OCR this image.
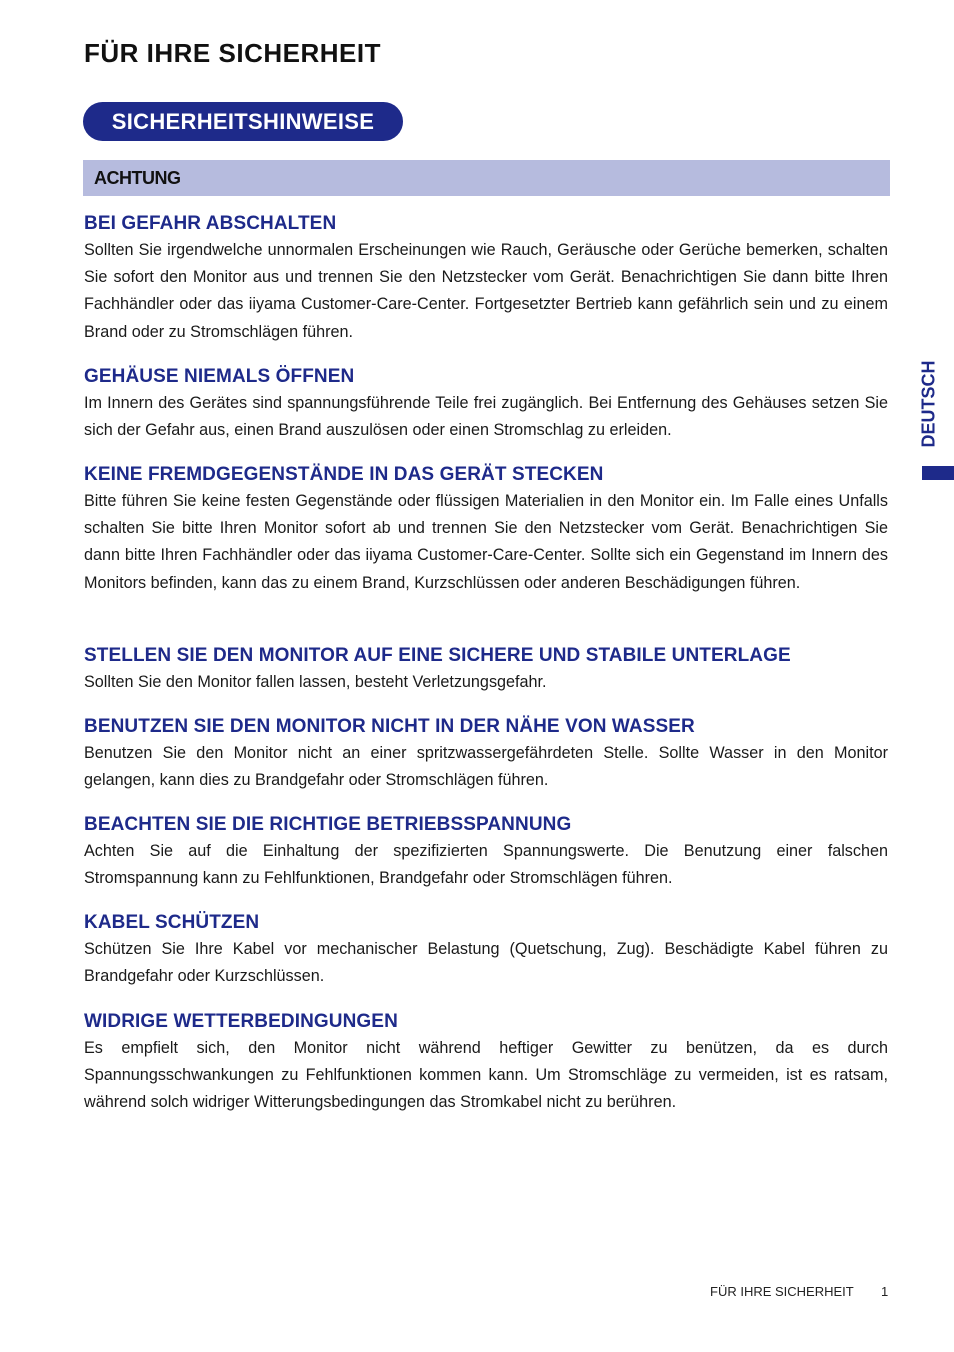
FÜR IHRE SICHERHEIT
SICHERHEITSHINWEISE
ACHTUNG
BEI GEFAHR ABSCHALTEN

Sollten Sie irgendwelche unnormalen Erscheinungen wie Rauch, Geräusche oder Gerüche bemerken, schalten Sie sofort den Monitor aus und trennen Sie den Netzstecker vom Gerät. Benachrichtigen Sie dann bitte Ihren Fachhändler oder das iiyama Customer-Care-Center. Fortgesetzter Bertrieb kann gefährlich sein und zu einem Brand oder zu Stromschlägen führen.

GEHÄUSE NIEMALS ÖFFNEN

Im Innern des Gerätes sind spannungsführende Teile frei zugänglich. Bei Entfernung des Gehäuses setzen Sie sich der Gefahr aus, einen Brand auszulösen oder einen Stromschlag zu erleiden.

KEINE FREMDGEGENSTÄNDE IN DAS GERÄT STECKEN

Bitte führen Sie keine festen Gegenstände oder flüssigen Materialien in den Monitor ein. Im Falle eines Unfalls schalten Sie bitte Ihren Monitor sofort ab und trennen Sie den Netzstecker vom Gerät. Benachrichtigen Sie dann bitte Ihren Fachhändler oder das iiyama Customer-Care-Center. Sollte sich ein Gegenstand im Innern des Monitors befinden, kann das zu einem Brand, Kurzschlüssen oder anderen Beschädigungen führen.

STELLEN SIE DEN MONITOR AUF EINE SICHERE UND STABILE UNTERLAGE

Sollten Sie den Monitor fallen lassen, besteht Verletzungsgefahr.

BENUTZEN SIE DEN MONITOR NICHT IN DER NÄHE VON WASSER

Benutzen Sie den Monitor nicht an einer spritzwassergefährdeten Stelle. Sollte Wasser in den Monitor gelangen, kann dies zu Brandgefahr oder Stromschlägen führen.

BEACHTEN SIE DIE RICHTIGE BETRIEBSSPANNUNG

Achten Sie auf die Einhaltung der spezifizierten Spannungswerte. Die Benutzung einer falschen Stromspannung kann zu Fehlfunktionen, Brandgefahr oder Stromschlägen führen.

KABEL SCHÜTZEN

Schützen Sie Ihre Kabel vor mechanischer Belastung (Quetschung, Zug). Beschädigte Kabel führen zu Brandgefahr oder Kurzschlüssen.

WIDRIGE WETTERBEDINGUNGEN

Es empfielt sich, den Monitor nicht während heftiger Gewitter zu benützen, da es durch Spannungsschwankungen zu Fehlfunktionen kommen kann. Um Stromschläge zu vermeiden, ist es ratsam, während solch widriger Witterungsbedingungen das Stromkabel nicht zu berühren.

DEUTSCH
FÜR IHRE SICHERHEIT 1
